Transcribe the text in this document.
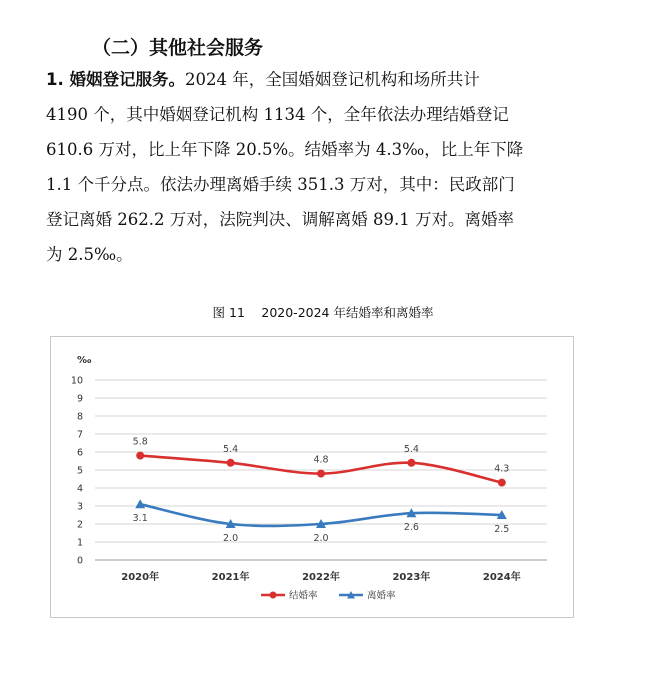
（二）其他社会服务
1. 婚姻登记服务。2024 年，全国婚姻登记机构和场所共计
4190 个，其中婚姻登记机构 1134 个，全年依法办理结婚登记
610.6 万对，比上年下降 20.5%。结婚率为 4.3‰，比上年下降
1.1 个千分点。依法办理离婚手续 351.3 万对，其中：民政部门
登记离婚 262.2 万对，法院判决、调解离婚 89.1 万对。离婚率
为 2.5‰。
图 11　 2020-2024 年结婚率和离婚率
‰
0
1
2
3
4
5
6
7
8
9
10
2020年	2021年	2022年	2023年	2024年
5.8
5.4
4.8
5.4
4.3
3.1
2.0	2.0
2.6	2.5
结婚率	离婚率
